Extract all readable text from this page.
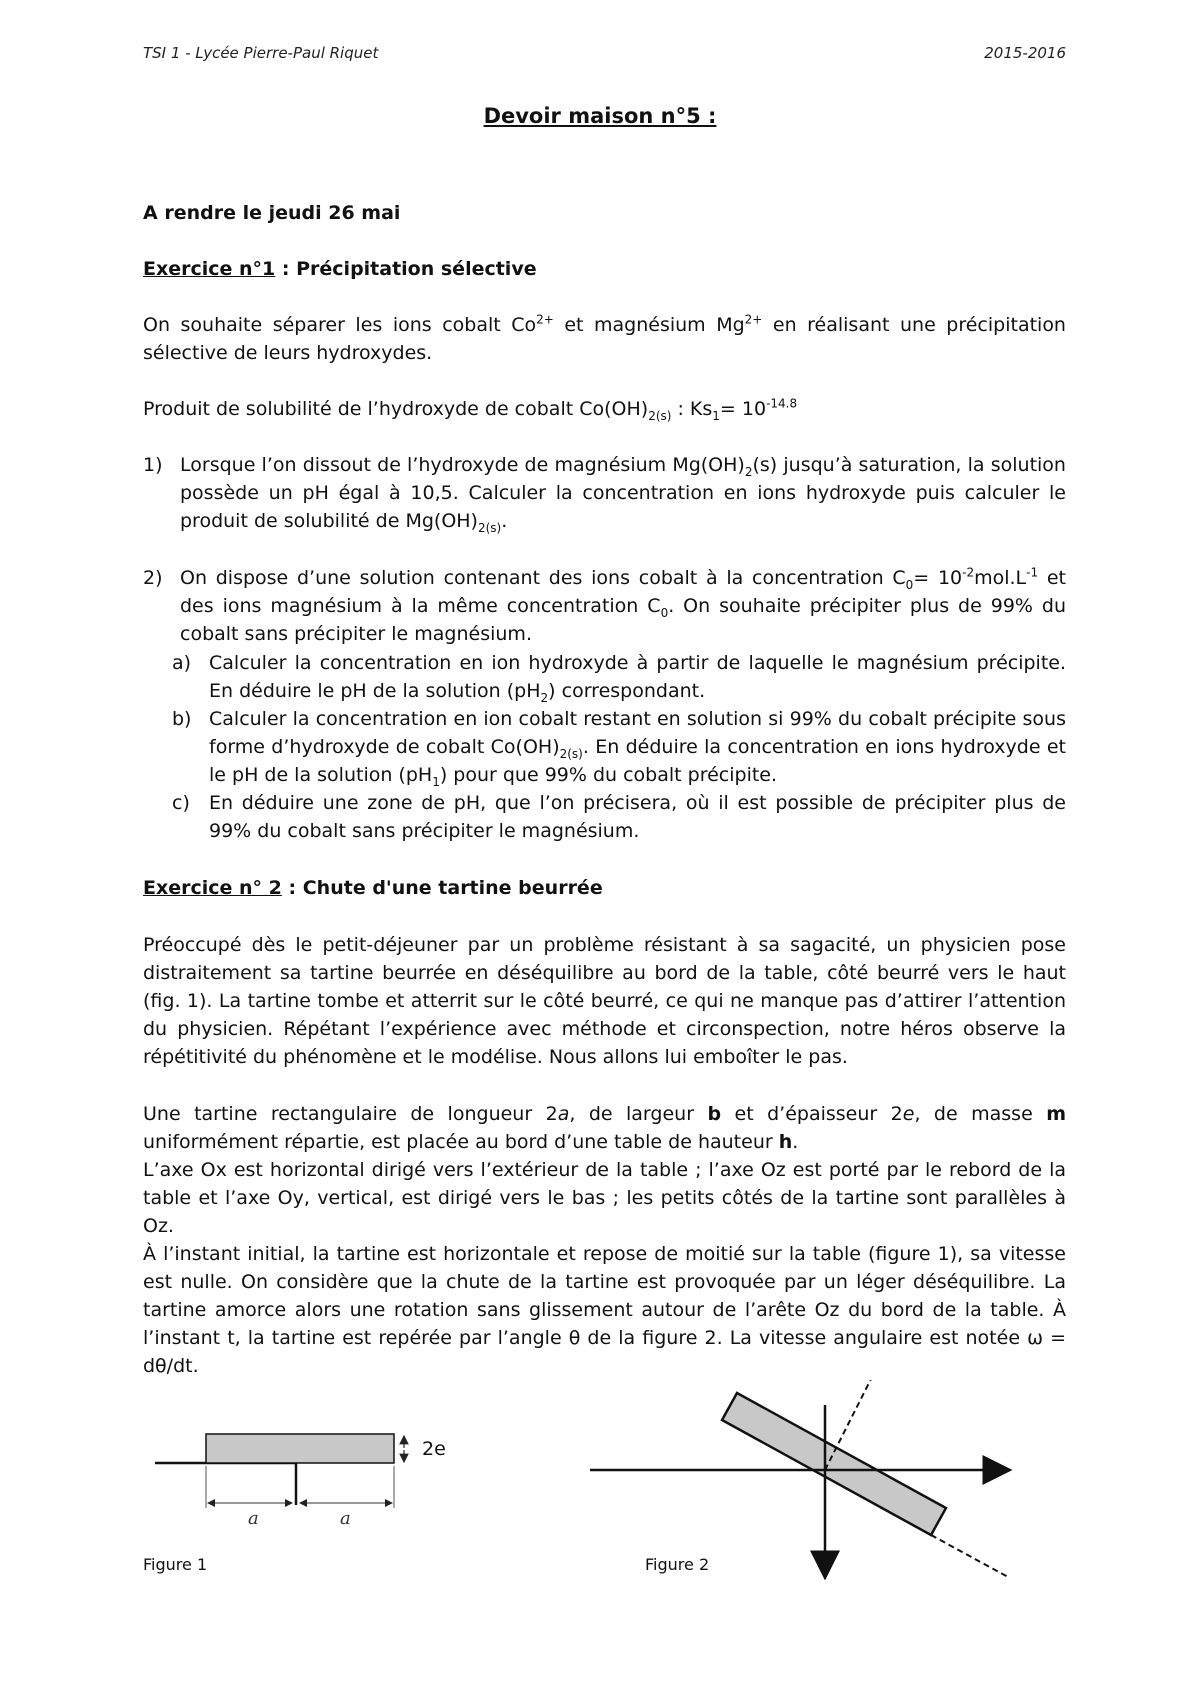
TSI 1 - Lycée Pierre-Paul Riquet	2015-2016
Devoir maison n°5 :
A rendre le jeudi 26 mai
Exercice n°1 : Précipitation sélective
On souhaite séparer les ions cobalt $Co^{2+}$ et magnésium $Mg^{2+}$ en réalisant une précipitation sélective de leurs hydroxydes.
Produit de solubilité de l’hydroxyde de cobalt $Co(OH)_{2(s)}$ : $Ks_1= 10^{-14.8}$
1) Lorsque l’on dissout de l’hydroxyde de magnésium $Mg(OH)_2(s)$ jusqu’à saturation, la solution possède un pH égal à 10,5. Calculer la concentration en ions hydroxyde puis calculer le produit de solubilité de $Mg(OH)_{2(s)}$.
2) On dispose d’une solution contenant des ions cobalt à la concentration $C_0= 10^{-2}mol.L^{-1}$ et des ions magnésium à la même concentration $C_0$. On souhaite précipiter plus de 99% du cobalt sans précipiter le magnésium.
a) Calculer la concentration en ion hydroxyde à partir de laquelle le magnésium précipite. En déduire le pH de la solution $(pH_2)$ correspondant.
b) Calculer la concentration en ion cobalt restant en solution si 99% du cobalt précipite sous forme d’hydroxyde de cobalt $Co(OH)_{2(s)}$. En déduire la concentration en ions hydroxyde et le pH de la solution $(pH_1)$ pour que 99% du cobalt précipite.
c) En déduire une zone de pH, que l’on précisera, où il est possible de précipiter plus de 99% du cobalt sans précipiter le magnésium.
Exercice n° 2 : Chute d'une tartine beurrée
Préoccupé dès le petit-déjeuner par un problème résistant à sa sagacité, un physicien pose distraitement sa tartine beurrée en déséquilibre au bord de la table, côté beurré vers le haut (fig. 1). La tartine tombe et atterrit sur le côté beurré, ce qui ne manque pas d’attirer l’attention du physicien. Répétant l’expérience avec méthode et circonspection, notre héros observe la répétitivité du phénomène et le modélise. Nous allons lui emboîter le pas.
Une tartine rectangulaire de longueur 2a, de largeur b et d’épaisseur 2e, de masse m uniformément répartie, est placée au bord d’une table de hauteur h.
L’axe Ox est horizontal dirigé vers l’extérieur de la table ; l’axe Oz est porté par le rebord de la table et l’axe Oy, vertical, est dirigé vers le bas ; les petits côtés de la tartine sont parallèles à Oz.
À l’instant initial, la tartine est horizontale et repose de moitié sur la table (figure 1), sa vitesse est nulle. On considère que la chute de la tartine est provoquée par un léger déséquilibre. La tartine amorce alors une rotation sans glissement autour de l’arête Oz du bord de la table. À l’instant t, la tartine est repérée par l’angle θ de la figure 2. La vitesse angulaire est notée ω = dθ/dt.
2e
a	a
Figure 1	Figure 2
